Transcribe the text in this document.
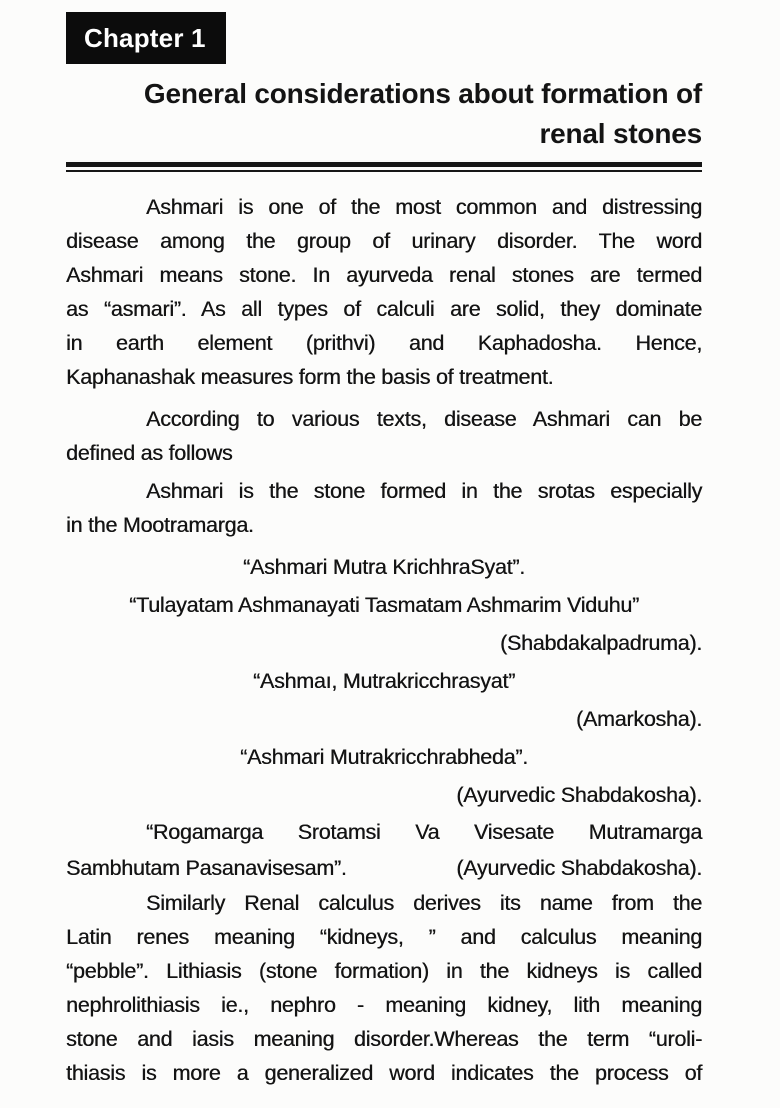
Chapter 1
General considerations about formation of
renal stones

Ashmari is one of the most common and distressing
disease among the group of urinary disorder. The word
Ashmari means stone. In ayurveda renal stones are termed
as “asmari”. As all types of calculi are solid, they dominate
in earth element (prithvi) and Kaphadosha. Hence,
Kaphanashak measures form the basis of treatment.

According to various texts, disease Ashmari can be
defined as follows

Ashmari is the stone formed in the srotas especially
in the Mootramarga.

“Ashmari Mutra KrichhraSyat”.
“Tulayatam Ashmanayati Tasmatam Ashmarim Viduhu”
(Shabdakalpadruma).
“Ashmaı, Mutrakricchrasyat”
(Amarkosha).
“Ashmari Mutrakricchrabheda”.
(Ayurvedic Shabdakosha).

“Rogamarga Srotamsi Va Visesate Mutramarga
Sambhutam Pasanavisesam”.	(Ayurvedic Shabdakosha).

Similarly Renal calculus derives its name from the
Latin renes meaning “kidneys, ” and calculus meaning
“pebble”. Lithiasis (stone formation) in the kidneys is called
nephrolithiasis ie., nephro - meaning kidney, lith meaning
stone and iasis meaning disorder.Whereas the term “uroli-
thiasis is more a generalized word indicates the process of
